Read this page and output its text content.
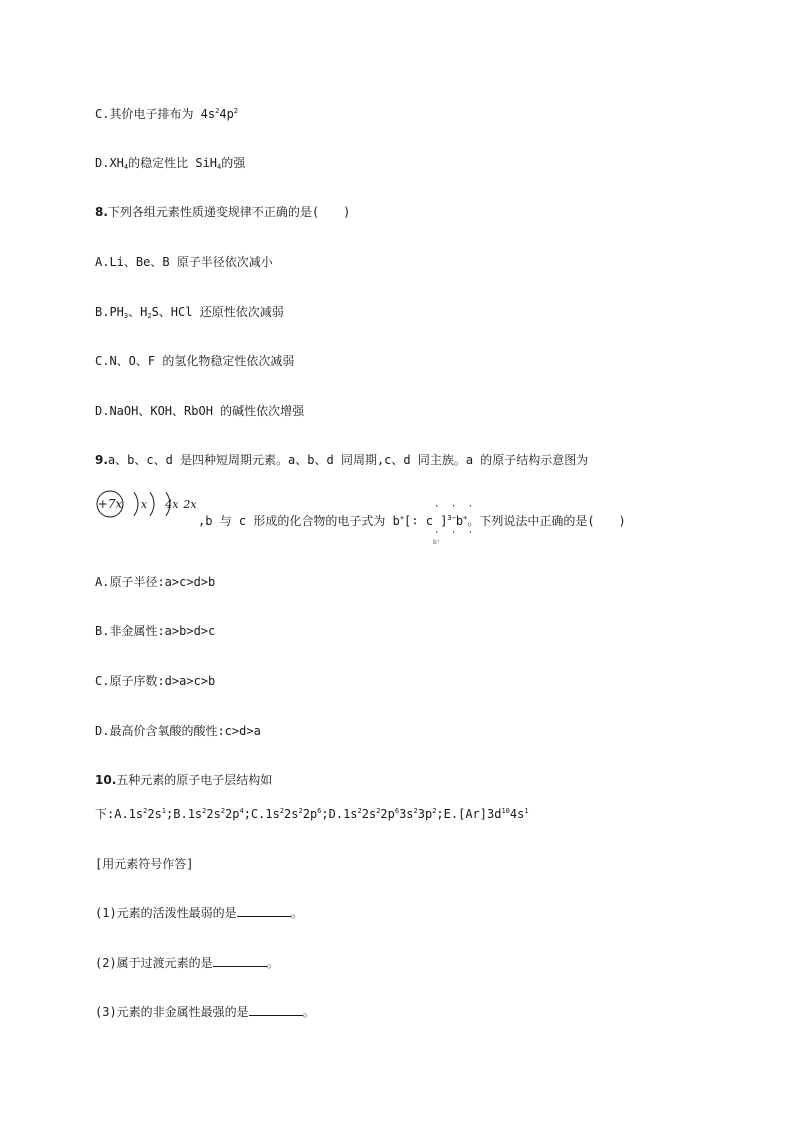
C.其价电子排布为 $4s^24p^2$
$D.XH_4$的稳定性比 SiH$_4$的强
8.下列各组元素性质递变规律不正确的是(　　)
A.Li、Be、B 原子半径依次减小
$B.PH_3$、$H_2S$、HCl 还原性依次减弱
C.N、O、F 的氢化物稳定性依次减弱
D.NaOH、KOH、RbOH 的碱性依次增强
9.a、b、c、d 是四种短周期元素。a、b、d 同周期,c、d 同主族。a 的原子结构示意图为
+7x x 4x 2x	· · ·
,b 与 c 形成的化合物的电子式为 b+[∶ c ]$^{3-}$b+。下列说法中正确的是(　　)
· · ·
b⁺
A.原子半径:a>c>d>b
B.非金属性:a>b>d>c
C.原子序数:d>a>c>b
D.最高价含氧酸的酸性:c>d>a
10.五种元素的原子电子层结构如
下$:A.1s^22s^1;B.1s^22s^22p^4;C.1s^22s^22p^6;D.1s^22s^22p^63s^23p^2;E.[Ar]3d^{10}4s^1$
[用元素符号作答]
(1)元素的活泼性最弱的是	。
(2)属于过渡元素的是	。
(3)元素的非金属性最强的是	。
